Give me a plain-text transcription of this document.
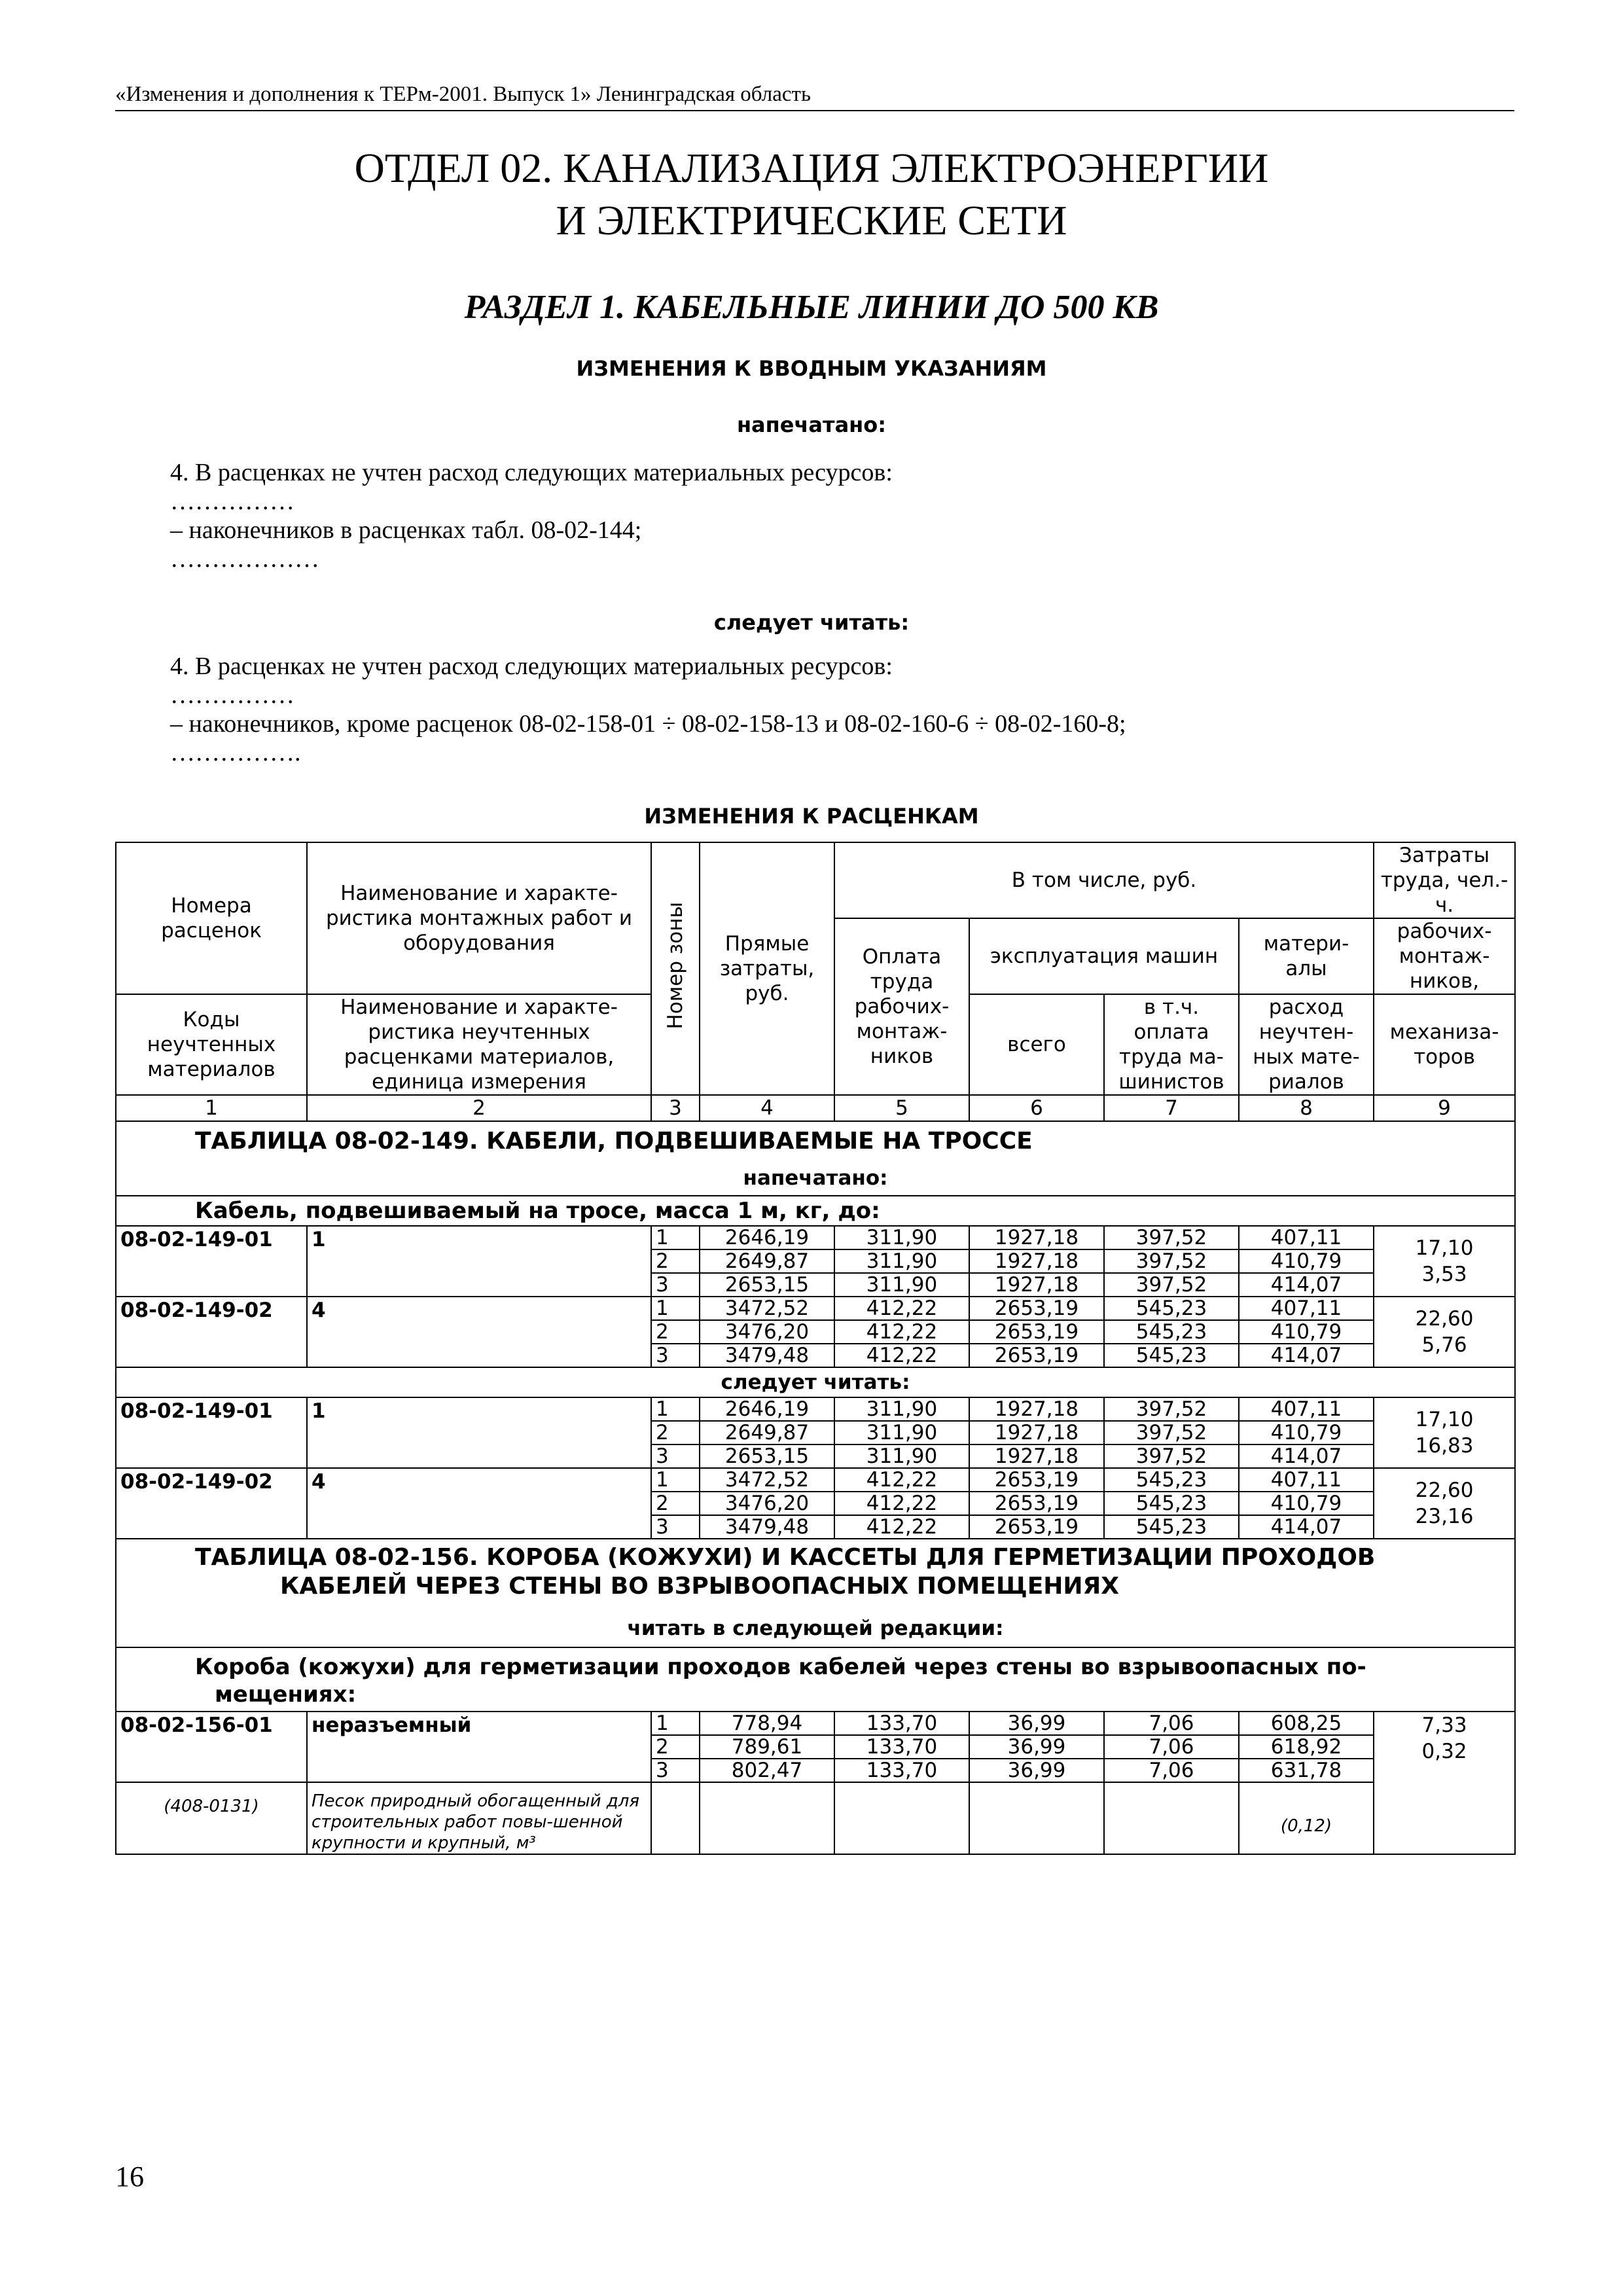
«Изменения и дополнения к ТЕРм-2001. Выпуск 1» Ленинградская область
ОТДЕЛ 02. КАНАЛИЗАЦИЯ ЭЛЕКТРОЭНЕРГИИ
И ЭЛЕКТРИЧЕСКИЕ СЕТИ
РАЗДЕЛ 1. КАБЕЛЬНЫЕ ЛИНИИ ДО 500 КВ
ИЗМЕНЕНИЯ К ВВОДНЫМ УКАЗАНИЯМ
напечатано:
4. В расценках не учтен расход следующих материальных ресурсов:
……………
– наконечников в расценках табл. 08-02-144;
………………
следует читать:
4. В расценках не учтен расход следующих материальных ресурсов:
……………
– наконечников, кроме расценок 08-02-158-01 ÷ 08-02-158-13 и 08-02-160-6 ÷ 08-02-160-8;
…………….
ИЗМЕНЕНИЯ К РАСЦЕНКАМ
Номера расценок	Наименование и характе-ристика монтажных работ и оборудования	Номер зоны	Прямые затраты, руб.	В том числе, руб.				Затраты труда, чел.-ч.
				Оплата труда рабочих-монтаж-ников	эксплуатация машин		матери-алы	рабочих-монтаж-ников,

Коды неучтенных материалов	Наименование и характе-ристика неучтенных расценками материалов, единица измерения				всего	в т.ч. оплата труда ма-шинистов	расход неучтен-ных мате-риалов	механиза-торов

1	2	3	4	5	6	7	8	9

ТАБЛИЦА 08-02-149. КАБЕЛИ, ПОДВЕШИВАЕМЫЕ НА ТРОССЕ
напечатано:								

Кабель, подвешиваемый на тросе, масса 1 м, кг, до:								
08-02-149-01	1	1	2646,19	311,90	1927,18	397,52	407,11	17,10
3,53

		2	2649,87	311,90	1927,18	397,52	410,79	
		3	2653,15	311,90	1927,18	397,52	414,07	
08-02-149-02	4	1	3472,52	412,22	2653,19	545,23	407,11	22,60
5,76

		2	3476,20	412,22	2653,19	545,23	410,79	
		3	3479,48	412,22	2653,19	545,23	414,07	
следует читать:								
08-02-149-01	1	1	2646,19	311,90	1927,18	397,52	407,11	17,10
16,83

		2	2649,87	311,90	1927,18	397,52	410,79	
		3	2653,15	311,90	1927,18	397,52	414,07	
08-02-149-02	4	1	3472,52	412,22	2653,19	545,23	407,11	22,60
23,16

		2	3476,20	412,22	2653,19	545,23	410,79	
		3	3479,48	412,22	2653,19	545,23	414,07	

ТАБЛИЦА 08-02-156. КОРОБА (КОЖУХИ) И КАССЕТЫ ДЛЯ ГЕРМЕТИЗАЦИИ ПРОХОДОВ
КАБЕЛЕЙ ЧЕРЕЗ СТЕНЫ ВО ВЗРЫВООПАСНЫХ ПОМЕЩЕНИЯХ
читать в следующей редакции:								

Короба (кожухи) для герметизации проходов кабелей через стены во взрывоопасных по-
мещениях:								

08-02-156-01	неразъемный	1	778,94	133,70	36,99	7,06	608,25	7,33
0,32

		2	789,61	133,70	36,99	7,06	618,92	
		3	802,47	133,70	36,99	7,06	631,78	
(408-0131)	Песок природный обогащенный для строительных работ повы-шенной крупности и крупный, м³						(0,12)	
16
